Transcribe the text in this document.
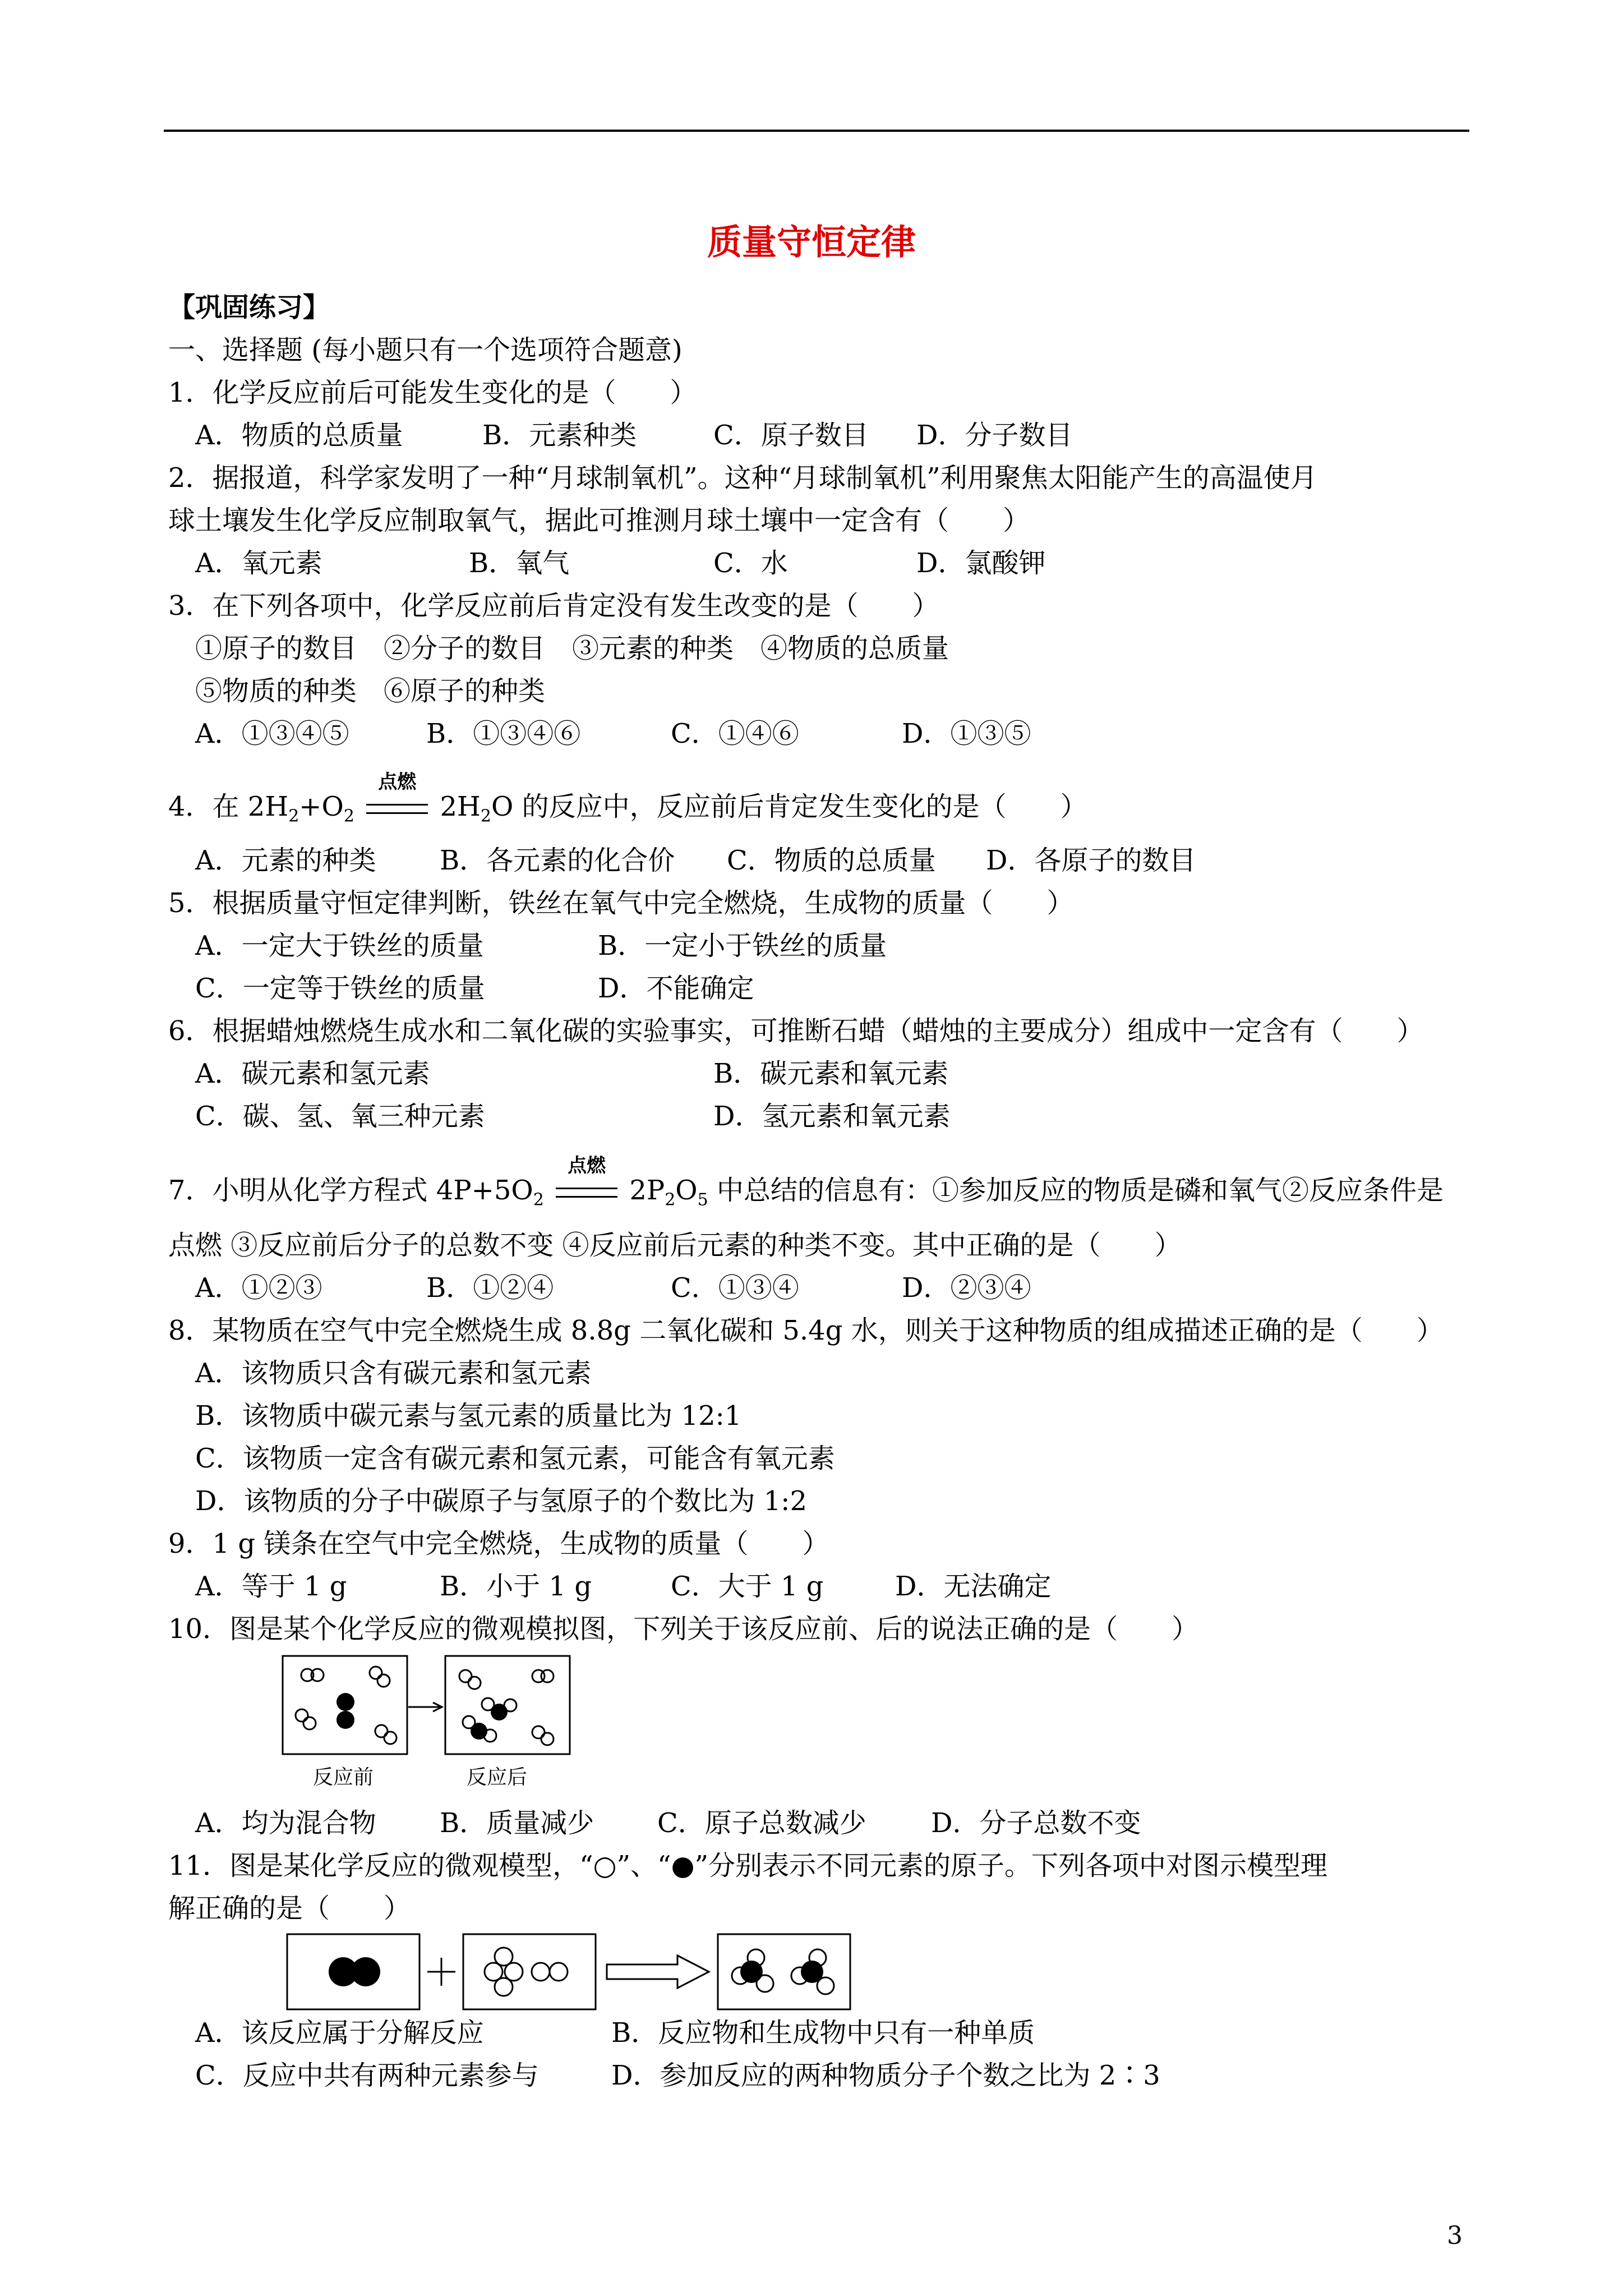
质量守恒定律
【巩固练习】
一、选择题 (每小题只有一个选项符合题意)
1．化学反应前后可能发生变化的是（　　）
A．物质的总质量	B．元素种类	C．原子数目 D．分子数目
2．据报道，科学家发明了一种“月球制氧机”。这种“月球制氧机”利用聚焦太阳能产生的高温使月
球土壤发生化学反应制取氧气，据此可推测月球土壤中一定含有（　　）
A．氧元素	B．氧气	C．水	D．氯酸钾
3．在下列各项中，化学反应前后肯定没有发生改变的是（　　）
①原子的数目　②分子的数目　③元素的种类　④物质的总质量
⑤物质的种类　⑥原子的种类
A．①③④⑤	B．①③④⑥	C．①④⑥	D．①③⑤
4．在 $2H_2+O_2$
点燃
$2H_2O$ 的反应中，反应前后肯定发生变化的是（　　）
A．元素的种类 B．各元素的化合价 C．物质的总质量 D．各原子的数目
5．根据质量守恒定律判断，铁丝在氧气中完全燃烧，生成物的质量（　　）
A．一定大于铁丝的质量	B．一定小于铁丝的质量
C．一定等于铁丝的质量	D．不能确定
6．根据蜡烛燃烧生成水和二氧化碳的实验事实，可推断石蜡（蜡烛的主要成分）组成中一定含有（　　）
A．碳元素和氢元素	B．碳元素和氧元素
C．碳、氢、氧三种元素	D．氢元素和氧元素
7．小明从化学方程式 $4P+5O_2$
点燃
$2P_2O_5$ 中总结的信息有：①参加反应的物质是磷和氧气②反应条件是
点燃 ③反应前后分子的总数不变 ④反应前后元素的种类不变。其中正确的是（　　）
A．①②③	B．①②④	C．①③④	D．②③④
8．某物质在空气中完全燃烧生成 8.8g 二氧化碳和 5.4g 水，则关于这种物质的组成描述正确的是（　　）
A．该物质只含有碳元素和氢元素
B．该物质中碳元素与氢元素的质量比为 12:1
C．该物质一定含有碳元素和氢元素，可能含有氧元素
D．该物质的分子中碳原子与氢原子的个数比为 1:2
9．1 g 镁条在空气中完全燃烧，生成物的质量（　　）
A．等于 1 g	B．小于 1 g	C．大于 1 g	D．无法确定
10．图是某个化学反应的微观模拟图，下列关于该反应前、后的说法正确的是（　　）
反应前	反应后
A．均为混合物 B．质量减少 C．原子总数减少 D．分子总数不变
11．图是某化学反应的微观模型，“○”、“●”分别表示不同元素的原子。下列各项中对图示模型理
解正确的是（　　）
A．该反应属于分解反应	B．反应物和生成物中只有一种单质
C．反应中共有两种元素参与	D．参加反应的两种物质分子个数之比为 2∶3
3
